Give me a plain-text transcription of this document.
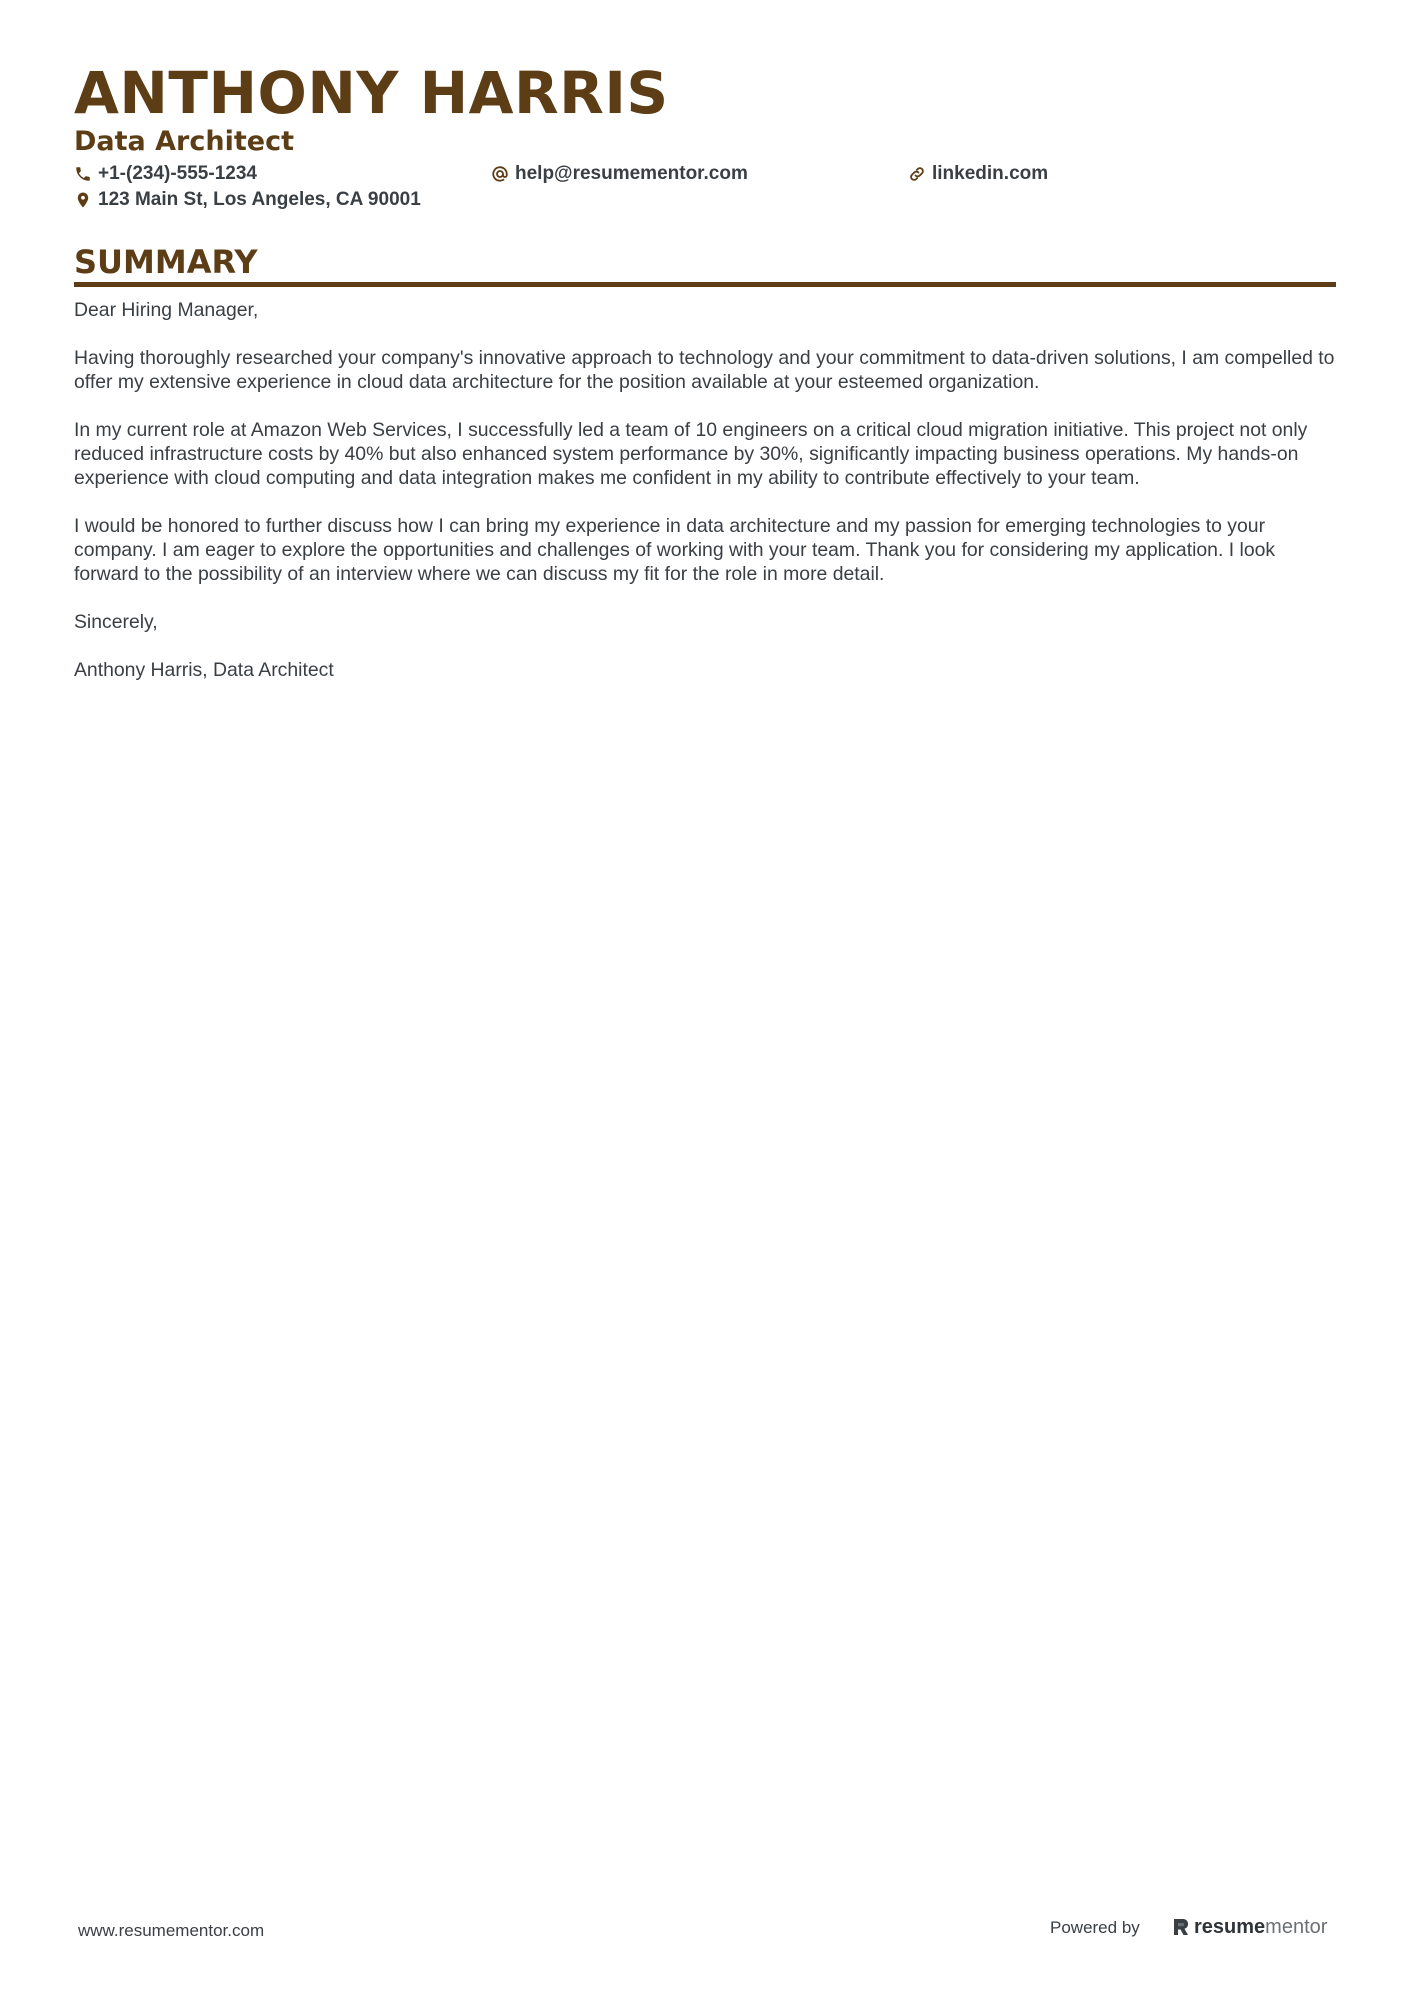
ANTHONY HARRIS
Data Architect
+1-(234)-555-1234	help@resumementor.com	linkedin.com
123 Main St, Los Angeles, CA 90001
SUMMARY

Dear Hiring Manager,

Having thoroughly researched your company's innovative approach to technology and your commitment to data-driven solutions, I am compelled to offer my extensive experience in cloud data architecture for the position available at your esteemed organization.

In my current role at Amazon Web Services, I successfully led a team of 10 engineers on a critical cloud migration initiative. This project not only reduced infrastructure costs by 40% but also enhanced system performance by 30%, significantly impacting business operations. My hands-on experience with cloud computing and data integration makes me confident in my ability to contribute effectively to your team.

I would be honored to further discuss how I can bring my experience in data architecture and my passion for emerging technologies to your company. I am eager to explore the opportunities and challenges of working with your team. Thank you for considering my application. I look forward to the possibility of an interview where we can discuss my fit for the role in more detail.

Sincerely,

Anthony Harris, Data Architect

www.resumementor.com	Powered by	resume mentor
